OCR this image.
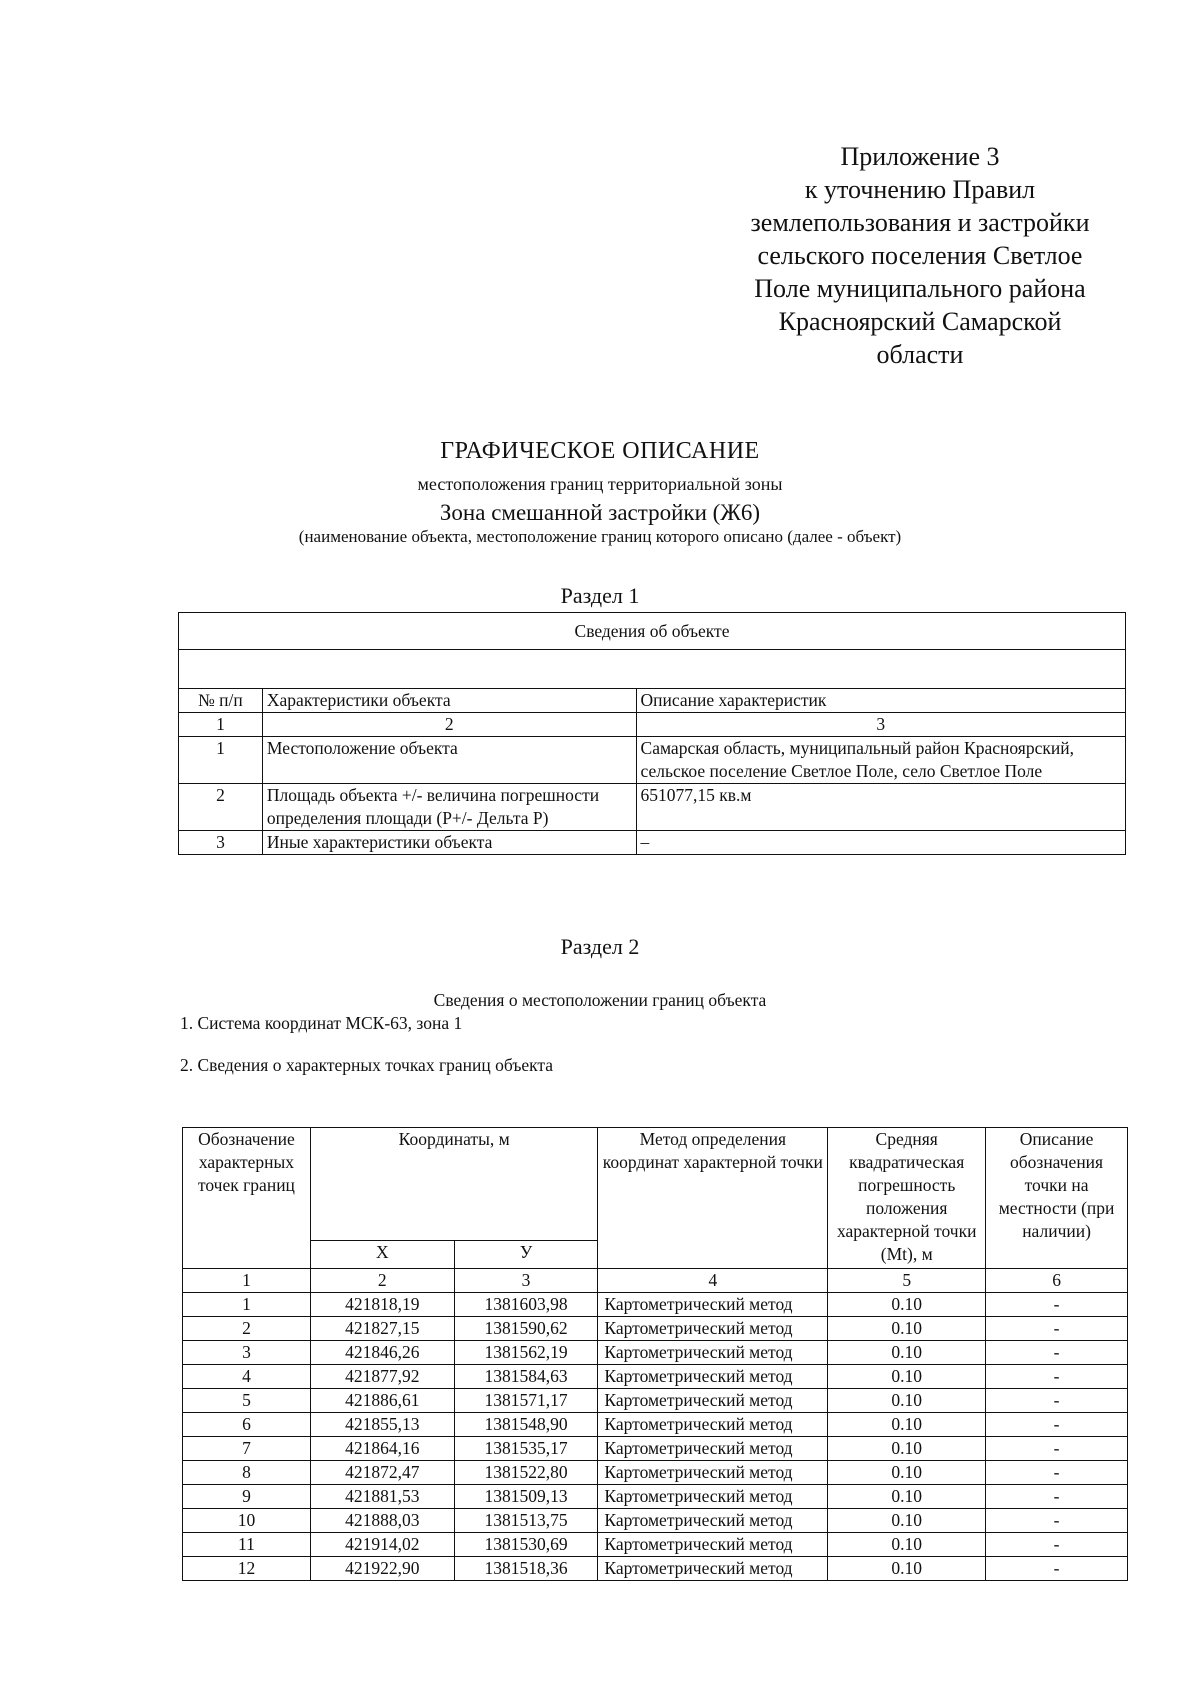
Приложение 3
к уточнению Правил
землепользования и застройки
сельского поселения Светлое
Поле муниципального района
Красноярский Самарской
области
ГРАФИЧЕСКОЕ ОПИСАНИЕ
местоположения границ территориальной зоны
Зона смешанной застройки (Ж6)
(наименование объекта, местоположение границ которого описано (далее - объект)
Раздел 1
Сведения об объекте		

№ п/п	Характеристики объекта	Описание характеристик
1	2	3
1	Местоположение объекта	Самарская область, муниципальный район Красноярский, сельское поселение Светлое Поле, село Светлое Поле
2	Площадь объекта +/- величина погрешности определения площади (Р+/- Дельта Р)	651077,15 кв.м
3	Иные характеристики объекта	–
Раздел 2
Сведения о местоположении границ объекта
1. Система координат МСК-63, зона 1
2. Сведения о характерных точках границ объекта
Обозначение характерных точек границ	Координаты, м		Метод определения координат характерной точки	Средняя квадратическая погрешность положения характерной точки (Mt), м	Описание обозначения точки на местности (при наличии)
	Х	У			
1	2	3	4	5	6
1	421818,19	1381603,98	Картометрический метод	0.10	-
2	421827,15	1381590,62	Картометрический метод	0.10	-
3	421846,26	1381562,19	Картометрический метод	0.10	-
4	421877,92	1381584,63	Картометрический метод	0.10	-
5	421886,61	1381571,17	Картометрический метод	0.10	-
6	421855,13	1381548,90	Картометрический метод	0.10	-
7	421864,16	1381535,17	Картометрический метод	0.10	-
8	421872,47	1381522,80	Картометрический метод	0.10	-
9	421881,53	1381509,13	Картометрический метод	0.10	-
10	421888,03	1381513,75	Картометрический метод	0.10	-
11	421914,02	1381530,69	Картометрический метод	0.10	-
12	421922,90	1381518,36	Картометрический метод	0.10	-
